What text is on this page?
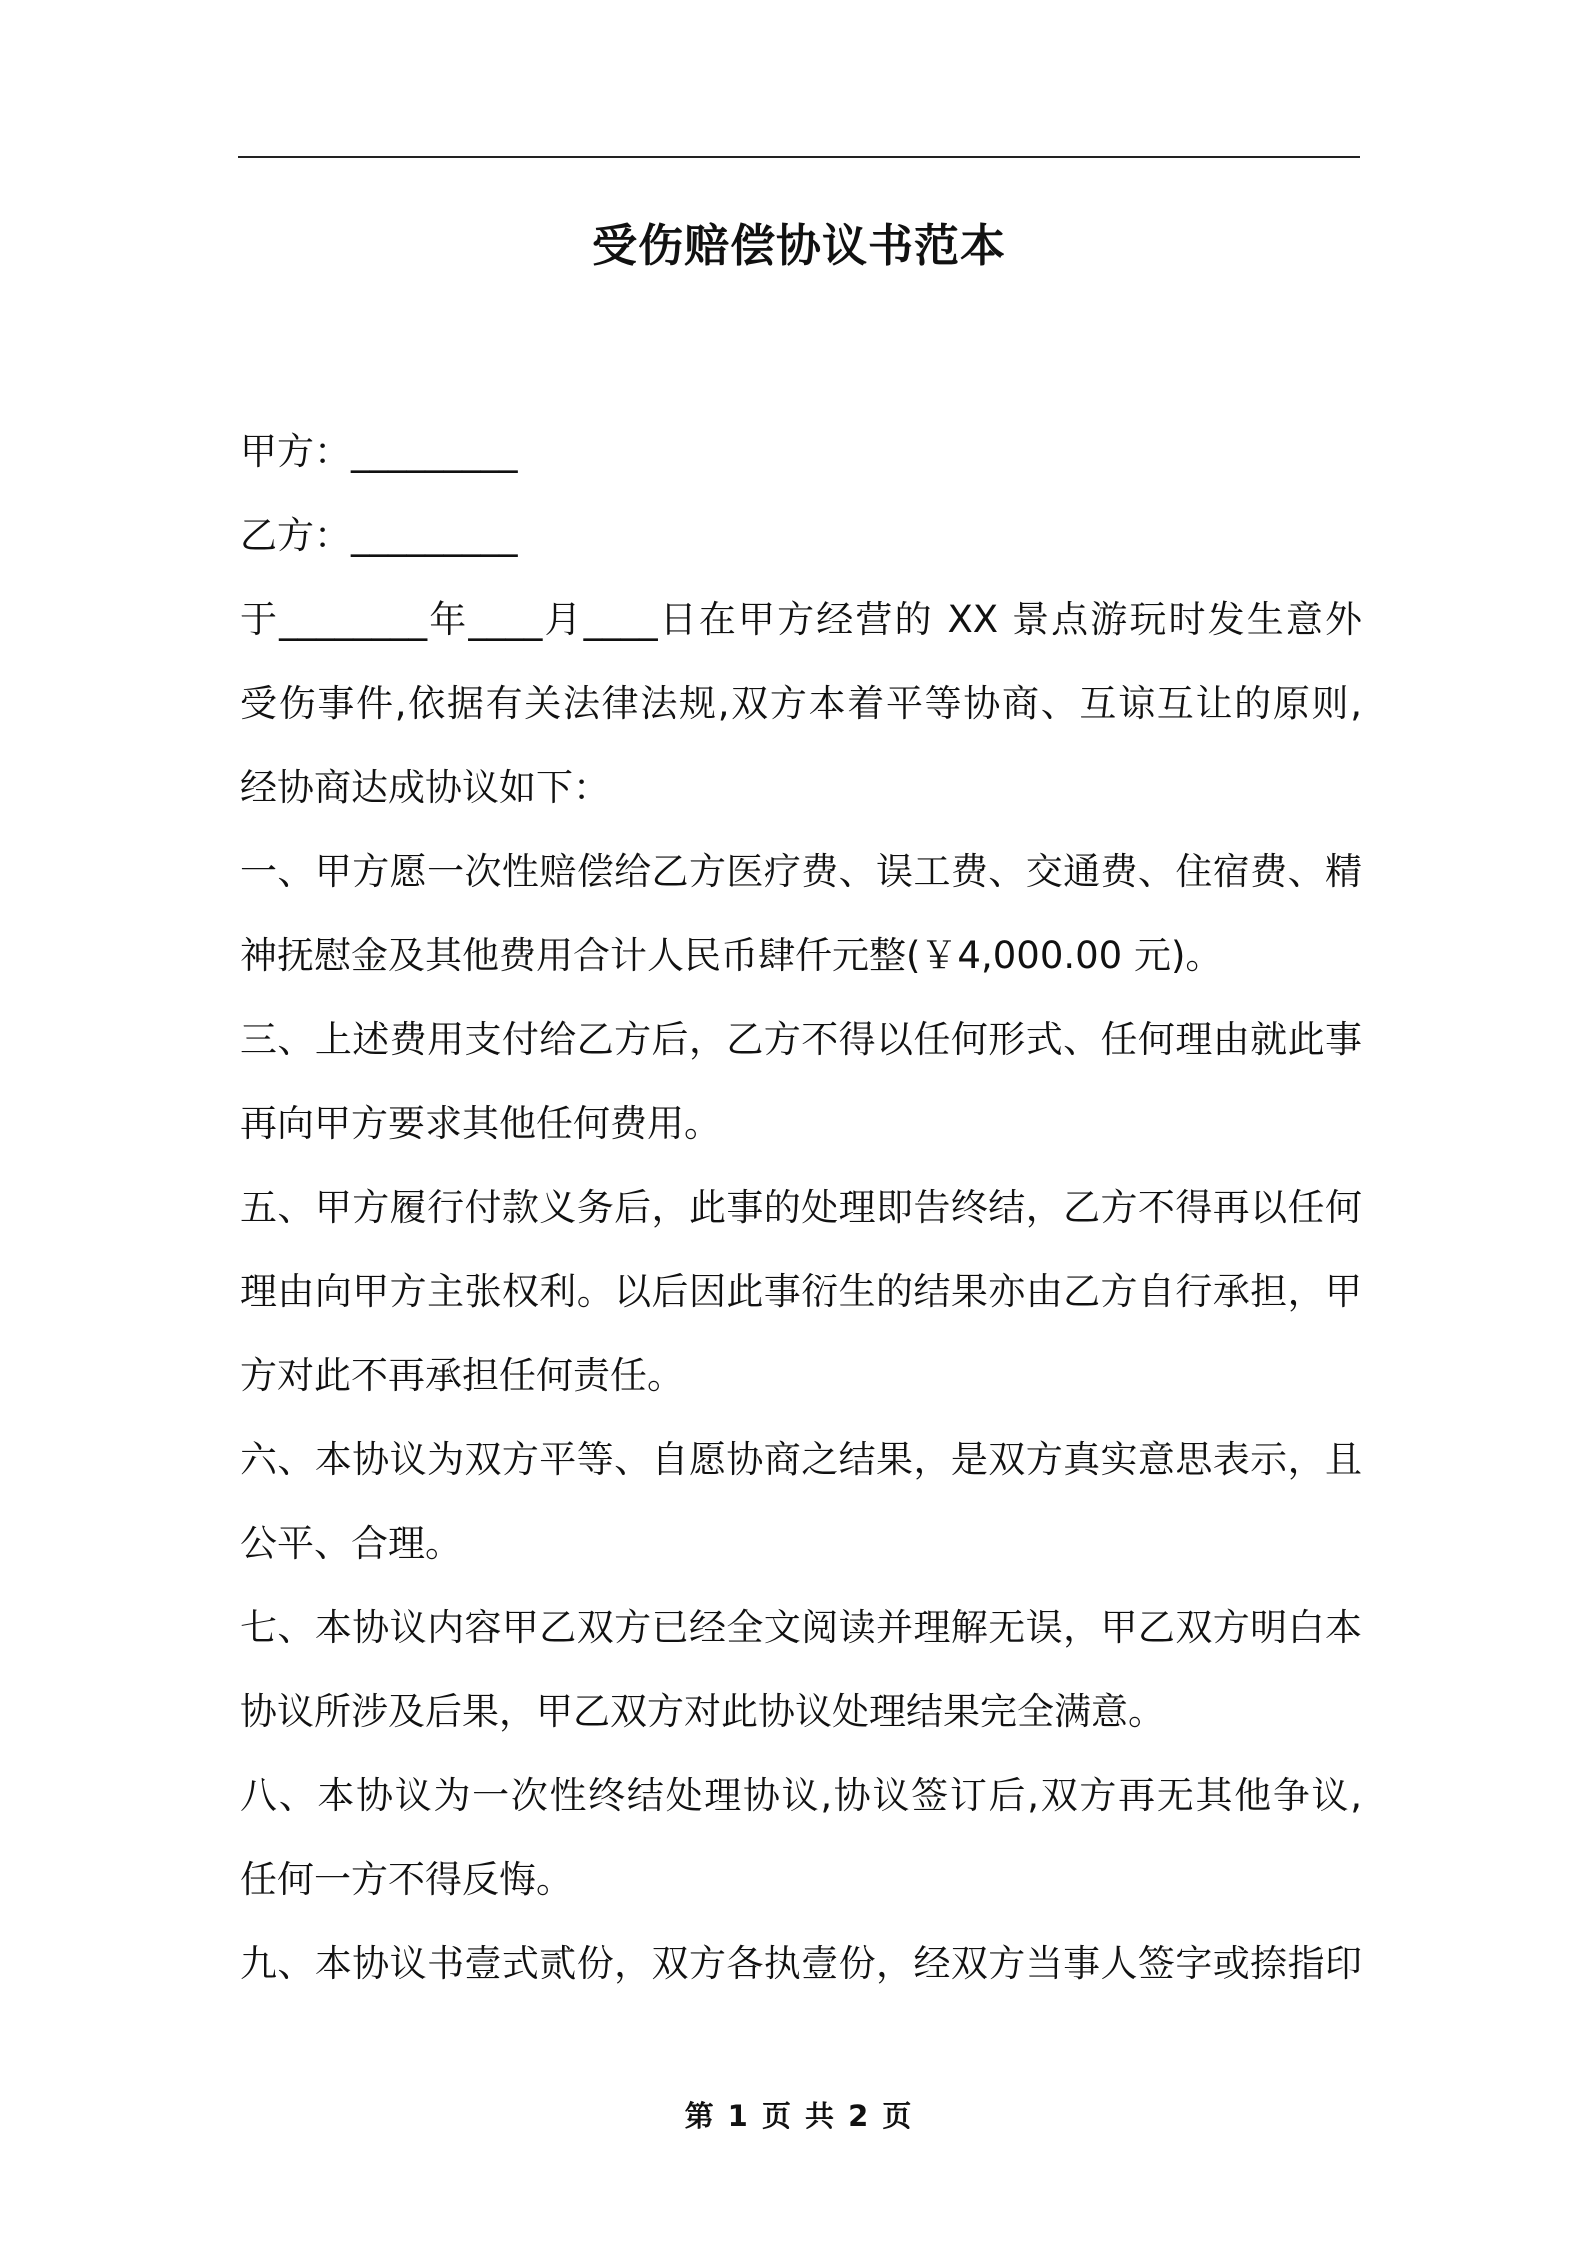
受伤赔偿协议书范本
甲方：_________
乙方：_________
于________年____月____日在甲方经营的 XX 景点游玩时发生意外
受伤事件,依据有关法律法规,双方本着平等协商、互谅互让的原则,
经协商达成协议如下：
一、甲方愿一次性赔偿给乙方医疗费、误工费、交通费、住宿费、精
神抚慰金及其他费用合计人民币肆仟元整(￥4,000.00 元)。
三、上述费用支付给乙方后，乙方不得以任何形式、任何理由就此事
再向甲方要求其他任何费用。
五、甲方履行付款义务后，此事的处理即告终结，乙方不得再以任何
理由向甲方主张权利。以后因此事衍生的结果亦由乙方自行承担，甲
方对此不再承担任何责任。
六、本协议为双方平等、自愿协商之结果，是双方真实意思表示，且
公平、合理。
七、本协议内容甲乙双方已经全文阅读并理解无误，甲乙双方明白本
协议所涉及后果，甲乙双方对此协议处理结果完全满意。
八、本协议为一次性终结处理协议,协议签订后,双方再无其他争议,
任何一方不得反悔。
九、本协议书壹式贰份，双方各执壹份，经双方当事人签字或捺指印
第 1 页 共 2 页
